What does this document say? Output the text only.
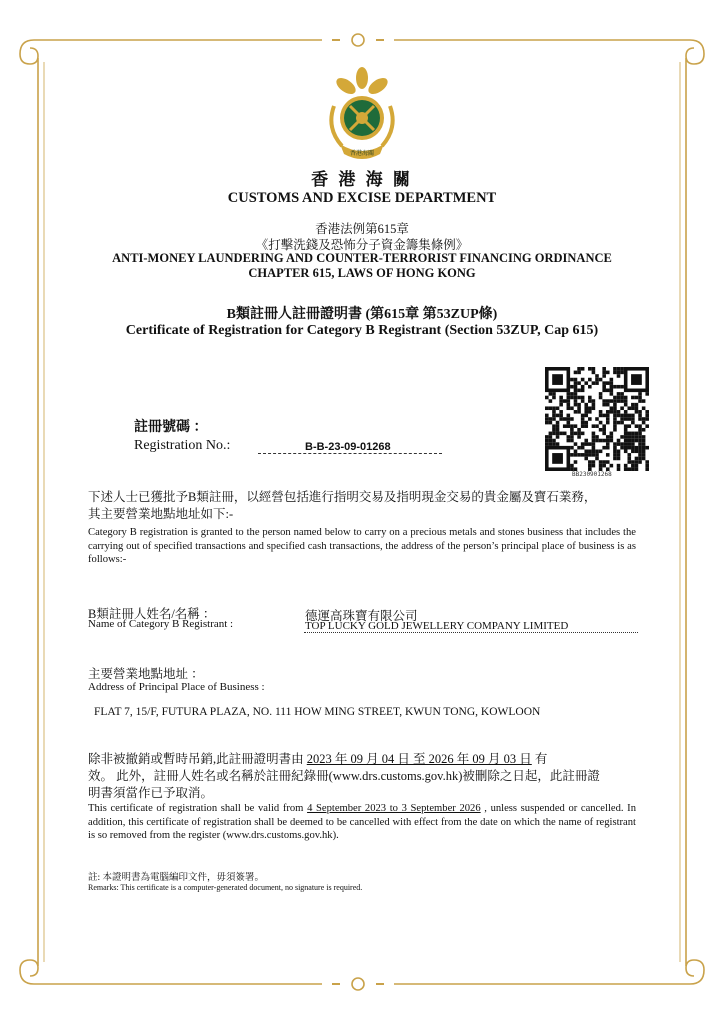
香港海關
香 港 海 關
CUSTOMS AND EXCISE DEPARTMENT
香港法例第615章
《打擊洗錢及恐怖分子資金籌集條例》
ANTI-MONEY LAUNDERING AND COUNTER-TERRORIST FINANCING ORDINANCE
CHAPTER 615, LAWS OF HONG KONG
B類註冊人註冊證明書 (第615章 第53ZUP條)
Certificate of Registration for Category B Registrant (Section 53ZUP, Cap 615)
BB230901268
註冊號碼 ：
Registration No.:	B-B-23-09-01268
下述人士已獲批予B類註冊，以經營包括進行指明交易及指明現金交易的貴金屬及寶石業務，
其主要營業地點地址如下:-
Category B registration is granted to the person named below to carry on a precious metals and stones business that includes the carrying out of specified transactions and specified cash transactions, the address of the person’s principal place of business is as follows:-
B類註冊人姓名/名稱 ：
Name of Category B Registrant :
德運高珠寶有限公司
TOP LUCKY GOLD JEWELLERY COMPANY LIMITED
主要營業地點地址 ：
Address of Principal Place of Business :
FLAT 7, 15/F, FUTURA PLAZA, NO. 111 HOW MING STREET, KWUN TONG, KOWLOON
除非被撤銷或暫時吊銷,此註冊證明書由 2023 年 09 月 04 日 至 2026 年 09 月 03 日 有
效。 此外，註冊人姓名或名稱於註冊紀錄冊(www.drs.customs.gov.hk)被刪除之日起，此註冊證
明書須當作已予取消。
This certificate of registration shall be valid from 4 September 2023 to 3 September 2026 , unless suspended or cancelled. In addition, this certificate of registration shall be deemed to be cancelled with effect from the date on which the name of registrant is so removed from the register (www.drs.customs.gov.hk).
註: 本證明書為電腦編印文件，毋須簽署。
Remarks: This certificate is a computer-generated document, no signature is required.
